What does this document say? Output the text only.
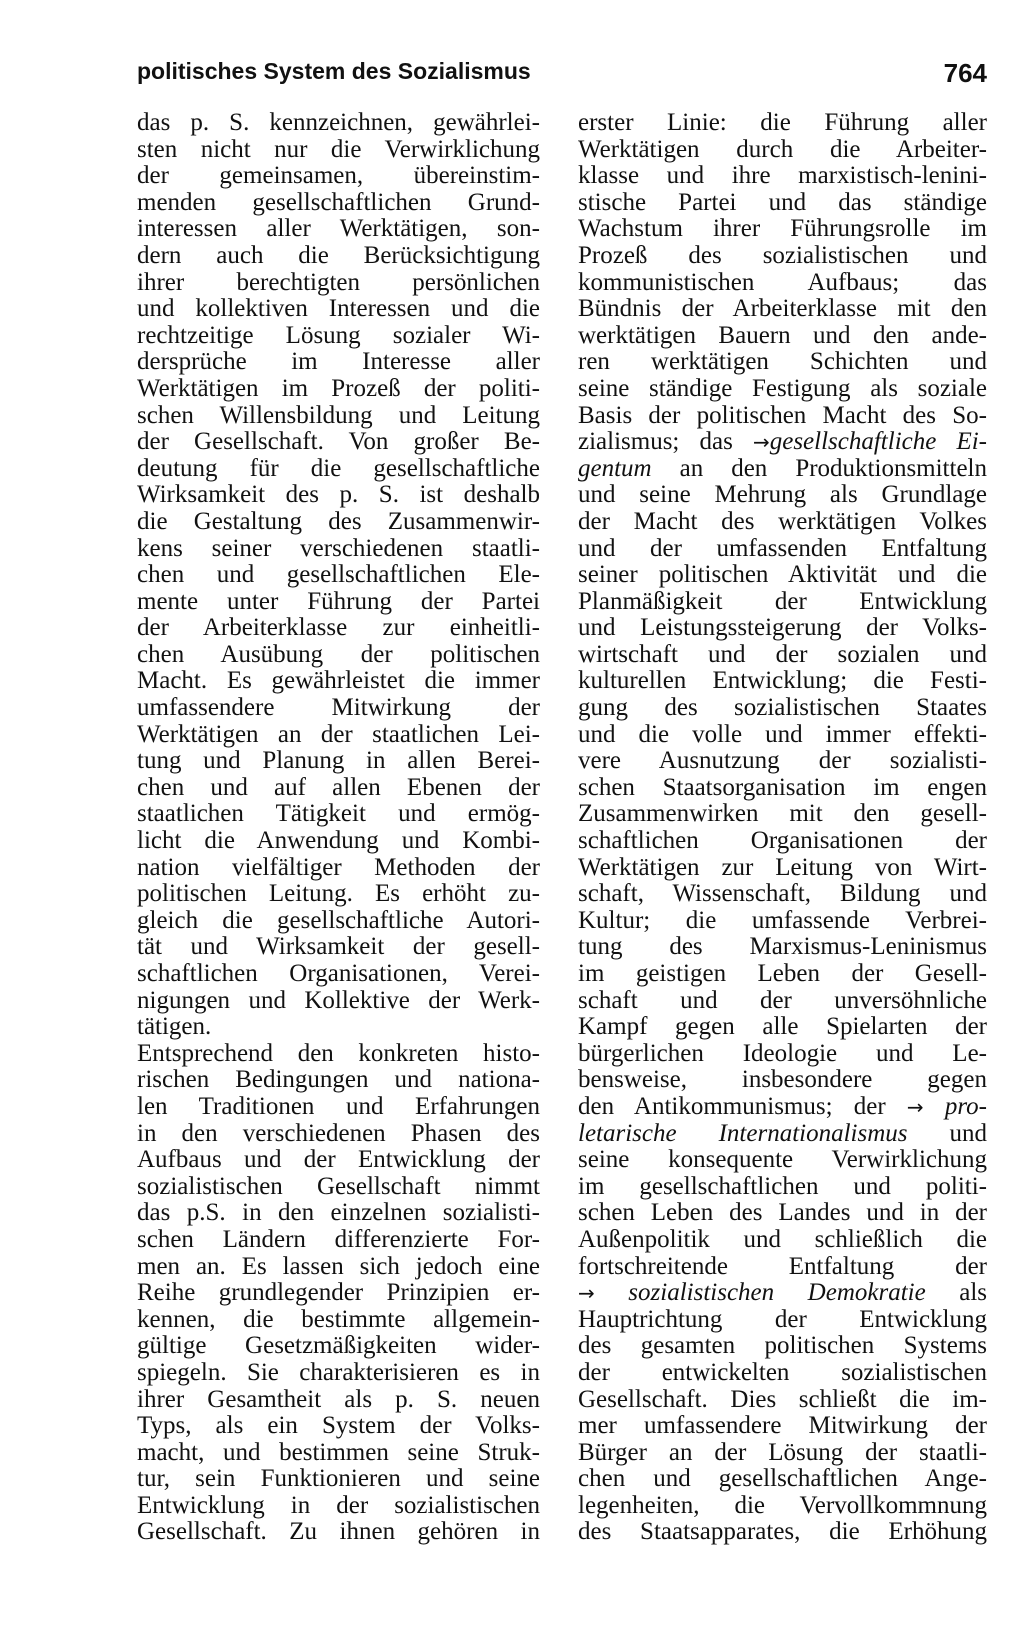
politisches System des Sozialismus	764
das p. S. kennzeichnen, gewährlei-
sten nicht nur die Verwirklichung
der gemeinsamen, übereinstim-
menden gesellschaftlichen Grund-
interessen aller Werktätigen, son-
dern auch die Berücksichtigung
ihrer berechtigten persönlichen
und kollektiven Interessen und die
rechtzeitige Lösung sozialer Wi-
dersprüche im Interesse aller
Werktätigen im Prozeß der politi-
schen Willensbildung und Leitung
der Gesellschaft. Von großer Be-
deutung für die gesellschaftliche
Wirksamkeit des p. S. ist deshalb
die Gestaltung des Zusammenwir-
kens seiner verschiedenen staatli-
chen und gesellschaftlichen Ele-
mente unter Führung der Partei
der Arbeiterklasse zur einheitli-
chen Ausübung der politischen
Macht. Es gewährleistet die immer
umfassendere Mitwirkung der
Werktätigen an der staatlichen Lei-
tung und Planung in allen Berei-
chen und auf allen Ebenen der
staatlichen Tätigkeit und ermög-
licht die Anwendung und Kombi-
nation vielfältiger Methoden der
politischen Leitung. Es erhöht zu-
gleich die gesellschaftliche Autori-
tät und Wirksamkeit der gesell-
schaftlichen Organisationen, Verei-
nigungen und Kollektive der Werk-
tätigen.
Entsprechend den konkreten histo-
rischen Bedingungen und nationa-
len Traditionen und Erfahrungen
in den verschiedenen Phasen des
Aufbaus und der Entwicklung der
sozialistischen Gesellschaft nimmt
das p.S. in den einzelnen sozialisti-
schen Ländern differenzierte For-
men an. Es lassen sich jedoch eine
Reihe grundlegender Prinzipien er-
kennen, die bestimmte allgemein-
gültige Gesetzmäßigkeiten wider-
spiegeln. Sie charakterisieren es in
ihrer Gesamtheit als p. S. neuen
Typs, als ein System der Volks-
macht, und bestimmen seine Struk-
tur, sein Funktionieren und seine
Entwicklung in der sozialistischen
Gesellschaft. Zu ihnen gehören in
erster Linie: die Führung aller
Werktätigen durch die Arbeiter-
klasse und ihre marxistisch-lenini-
stische Partei und das ständige
Wachstum ihrer Führungsrolle im
Prozeß des sozialistischen und
kommunistischen Aufbaus; das
Bündnis der Arbeiterklasse mit den
werktätigen Bauern und den ande-
ren werktätigen Schichten und
seine ständige Festigung als soziale
Basis der politischen Macht des So-
zialismus; das →gesellschaftliche Ei-
gentum an den Produktionsmitteln
und seine Mehrung als Grundlage
der Macht des werktätigen Volkes
und der umfassenden Entfaltung
seiner politischen Aktivität und die
Planmäßigkeit der Entwicklung
und Leistungssteigerung der Volks-
wirtschaft und der sozialen und
kulturellen Entwicklung; die Festi-
gung des sozialistischen Staates
und die volle und immer effekti-
vere Ausnutzung der sozialisti-
schen Staatsorganisation im engen
Zusammenwirken mit den gesell-
schaftlichen Organisationen der
Werktätigen zur Leitung von Wirt-
schaft, Wissenschaft, Bildung und
Kultur; die umfassende Verbrei-
tung des Marxismus-Leninismus
im geistigen Leben der Gesell-
schaft und der unversöhnliche
Kampf gegen alle Spielarten der
bürgerlichen Ideologie und Le-
bensweise, insbesondere gegen
den Antikommunismus; der → pro-
letarische Internationalismus und
seine konsequente Verwirklichung
im gesellschaftlichen und politi-
schen Leben des Landes und in der
Außenpolitik und schließlich die
fortschreitende Entfaltung der
→ sozialistischen Demokratie als
Hauptrichtung der Entwicklung
des gesamten politischen Systems
der entwickelten sozialistischen
Gesellschaft. Dies schließt die im-
mer umfassendere Mitwirkung der
Bürger an der Lösung der staatli-
chen und gesellschaftlichen Ange-
legenheiten, die Vervollkommnung
des Staatsapparates, die Erhöhung
